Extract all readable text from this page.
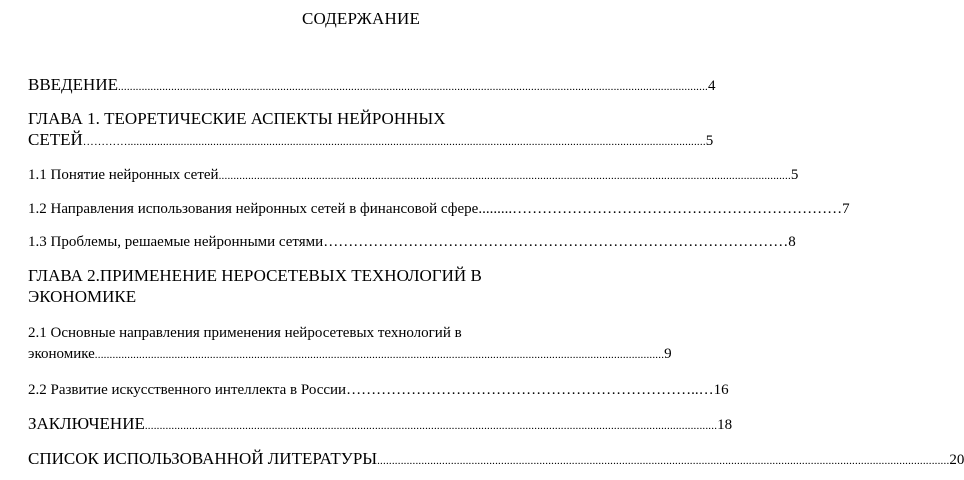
СОДЕРЖАНИЕ
ВВЕДЕНИЕ ........................................................................................................................................................................................................ 4
ГЛАВА 1. ТЕОРЕТИЧЕСКИЕ АСПЕКТЫ НЕЙРОННЫХ
СЕТЕЙ ………….................................................................................................................................................................................................... 5
1.1 Понятие нейронных сетей .................................................................................................................................................................................................. 5
1.2 Направления использования нейронных сетей в финансовой сфере .........………………………………………………………… 7
1.3 Проблемы, решаемые нейронными сетями ………………………………………………………………………………… 8
ГЛАВА 2.ПРИМЕНЕНИЕ НЕРОСЕТЕВЫХ ТЕХНОЛОГИЙ В
ЭКОНОМИКЕ
2.1 Основные направления применения нейросетевых технологий в
экономике ................................................................................................................................................................................................. 9
2.2 Развитие искусственного интеллекта в России ……………………………………………………………..… 16
ЗАКЛЮЧЕНИЕ .................................................................................................................................................................................................. 18
СПИСОК ИСПОЛЬЗОВАННОЙ ЛИТЕРАТУРЫ .................................................................................................................................................................................................. 20
